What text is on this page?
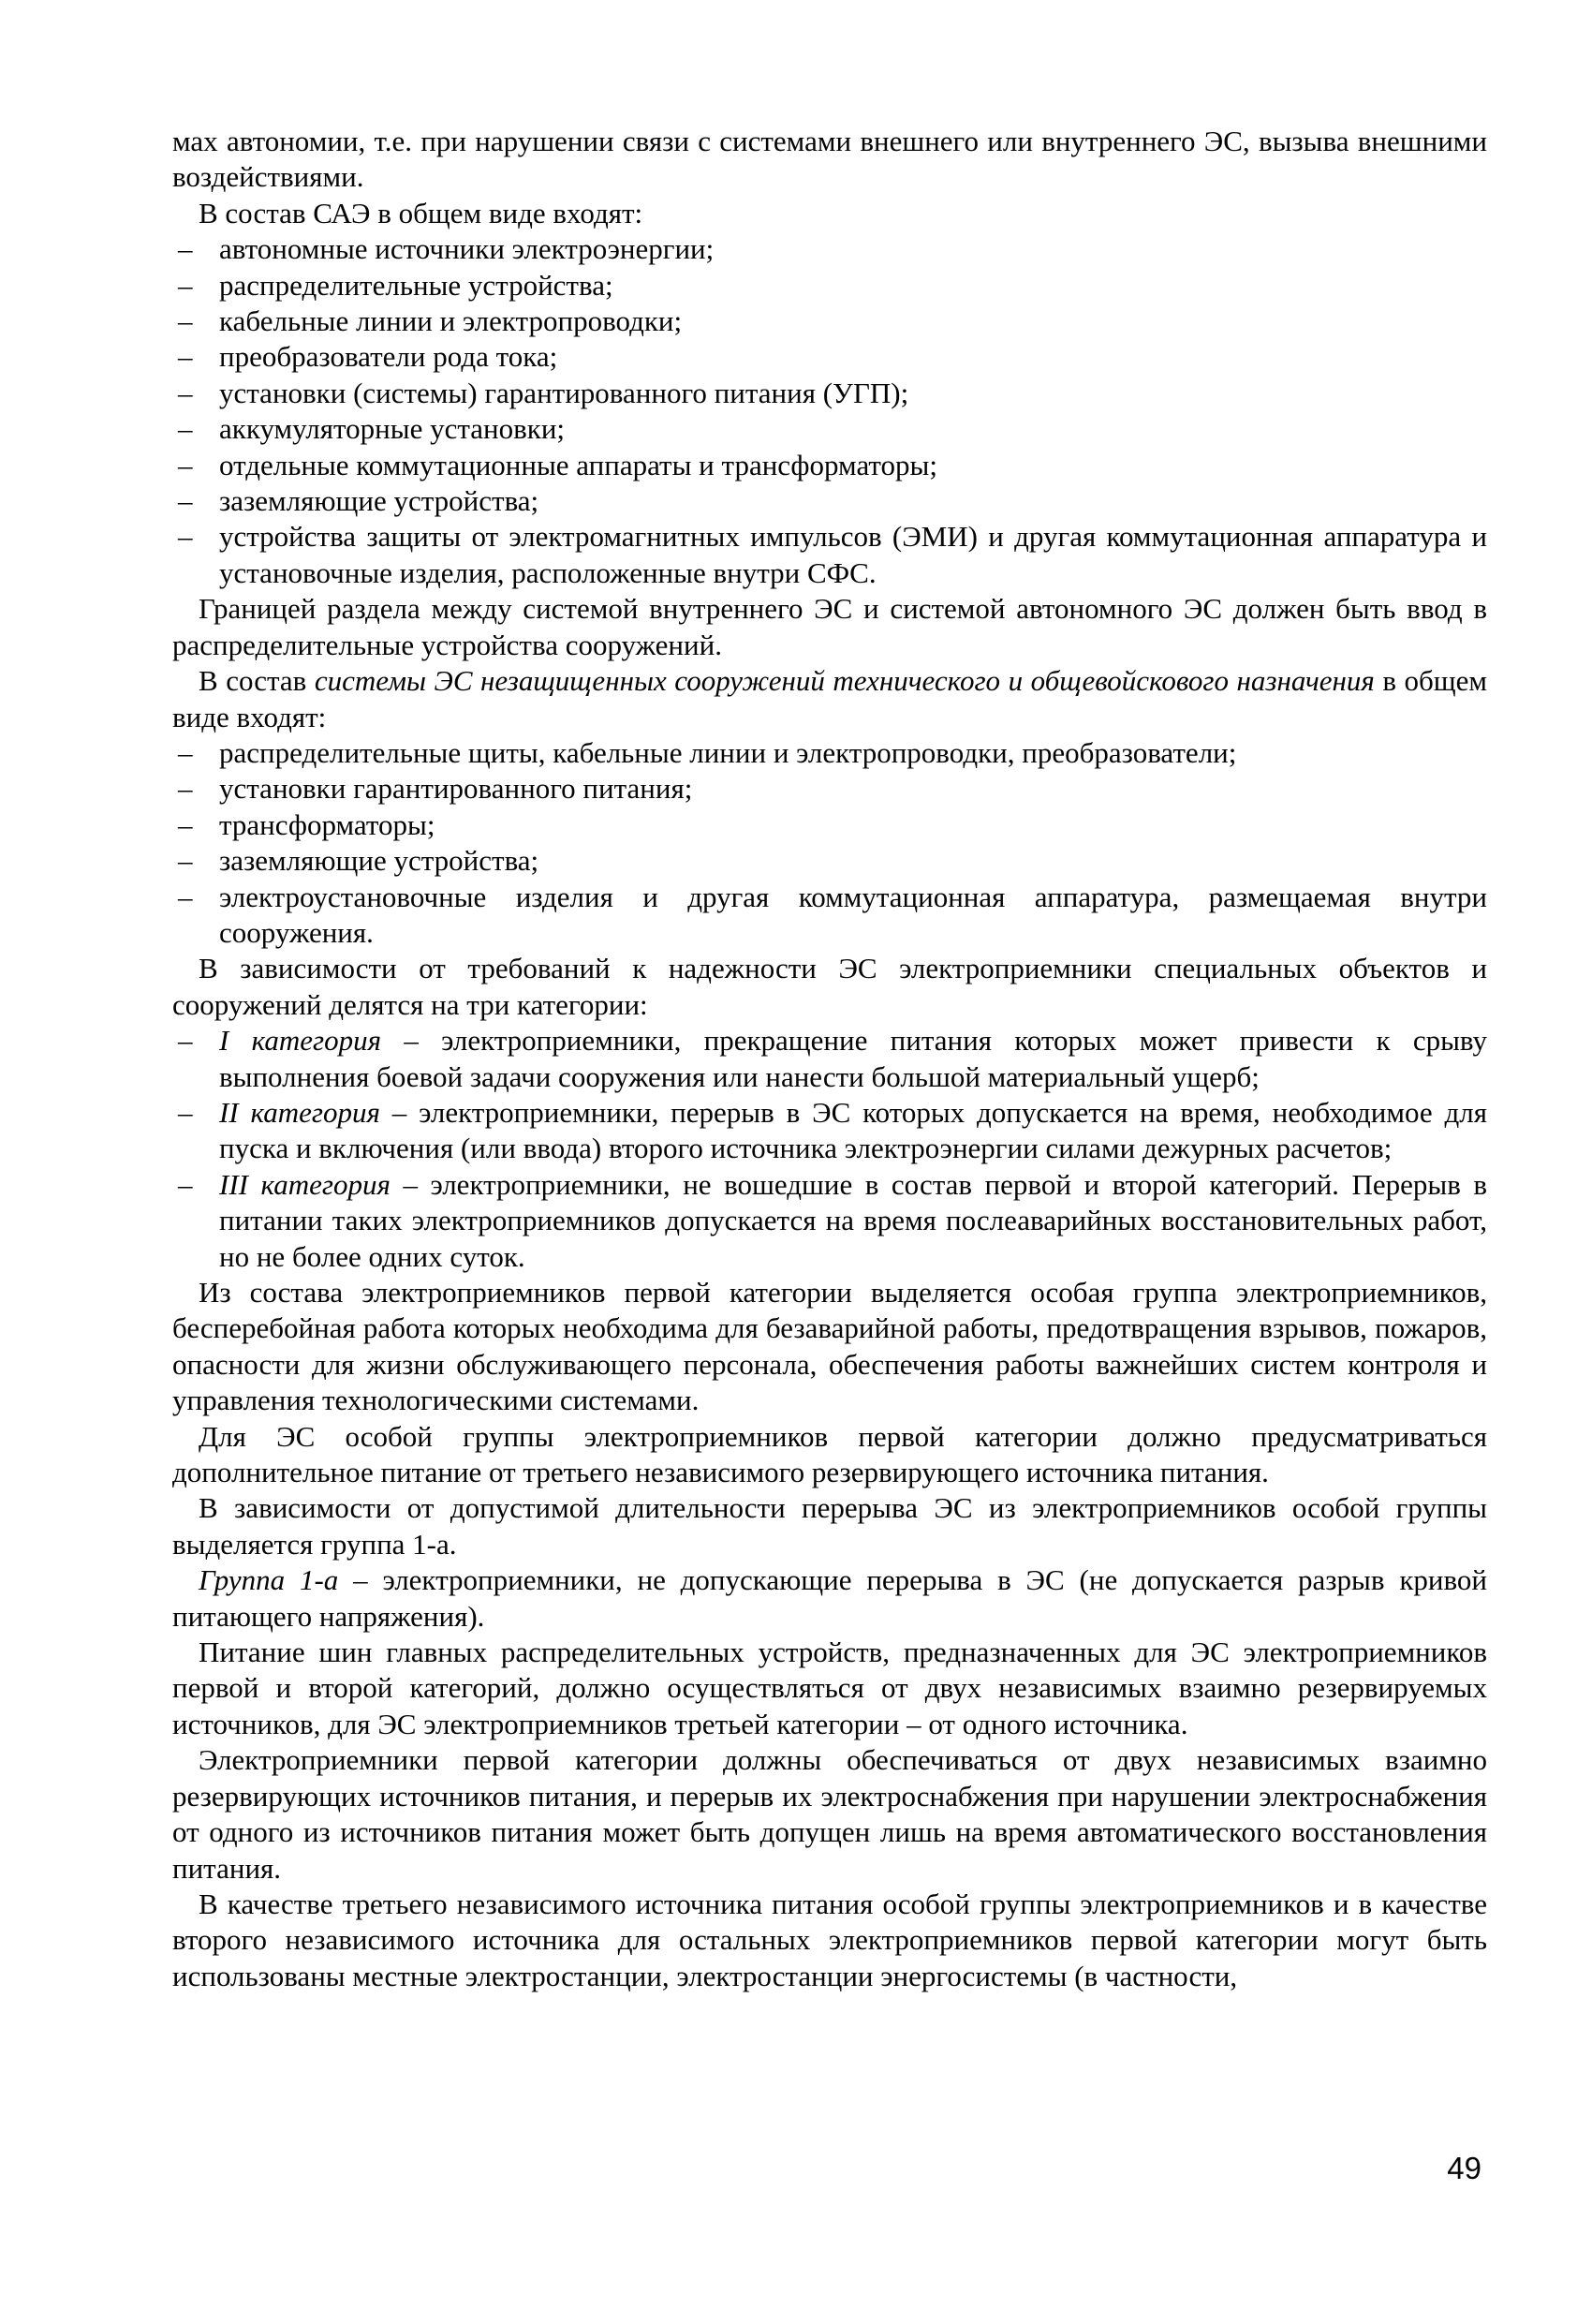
мах автономии, т.е. при нарушении связи с системами внешнего или внутреннего ЭС, вызыва внешними воздействиями.

В состав САЭ в общем виде входят:

– автономные источники электроэнергии;
– распределительные устройства;
– кабельные линии и электропроводки;
– преобразователи рода тока;
– установки (системы) гарантированного питания (УГП);
– аккумуляторные установки;
– отдельные коммутационные аппараты и трансформаторы;
– заземляющие устройства;
– устройства защиты от электромагнитных импульсов (ЭМИ) и другая коммутационная аппаратура и установочные изделия, расположенные внутри СФС.

Границей раздела между системой внутреннего ЭС и системой автономного ЭС должен быть ввод в распределительные устройства сооружений.

В состав системы ЭС незащищенных сооружений технического и общевойскового назначения в общем виде входят:

– распределительные щиты, кабельные линии и электропроводки, преобразователи;
– установки гарантированного питания;
– трансформаторы;
– заземляющие устройства;
– электроустановочные изделия и другая коммутационная аппаратура, размещаемая внутри сооружения.

В зависимости от требований к надежности ЭС электроприемники специальных объектов и сооружений делятся на три категории:

– I категория – электроприемники, прекращение питания которых может привести к срыву выполнения боевой задачи сооружения или нанести большой материальный ущерб;
– II категория – электроприемники, перерыв в ЭС которых допускается на время, необходимое для пуска и включения (или ввода) второго источника электроэнергии силами дежурных расчетов;
– III категория – электроприемники, не вошедшие в состав первой и второй категорий. Перерыв в питании таких электроприемников допускается на время послеаварийных восстановительных работ, но не более одних суток.

Из состава электроприемников первой категории выделяется особая группа электроприемников, бесперебойная работа которых необходима для безаварийной работы, предотвращения взрывов, пожаров, опасности для жизни обслуживающего персонала, обеспечения работы важнейших систем контроля и управления технологическими системами.

Для ЭС особой группы электроприемников первой категории должно предусматриваться дополнительное питание от третьего независимого резервирующего источника питания.

В зависимости от допустимой длительности перерыва ЭС из электроприемников особой группы выделяется группа 1-а.

Группа 1-а – электроприемники, не допускающие перерыва в ЭС (не допускается разрыв кривой питающего напряжения).

Питание шин главных распределительных устройств, предназначенных для ЭС электроприемников первой и второй категорий, должно осуществляться от двух независимых взаимно резервируемых источников, для ЭС электроприемников третьей категории – от одного источника.

Электроприемники первой категории должны обеспечиваться от двух независимых взаимно резервирующих источников питания, и перерыв их электроснабжения при нарушении электроснабжения от одного из источников питания может быть допущен лишь на время автоматического восстановления питания.

В качестве третьего независимого источника питания особой группы электроприемников и в качестве второго независимого источника для остальных электроприемников первой категории могут быть использованы местные электростанции, электростанции энергосистемы (в частности,

49
